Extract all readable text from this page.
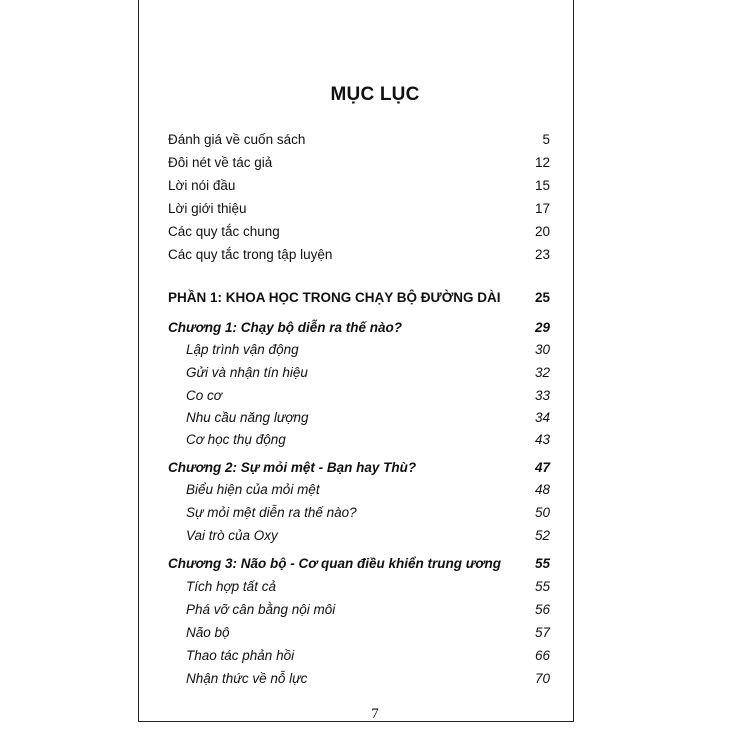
MỤC LỤC
Đánh giá về cuốn sách	5
Đôi nét về tác giả	12
Lời nói đầu	15
Lời giới thiệu	17
Các quy tắc chung	20
Các quy tắc trong tập luyện	23
PHẦN 1: KHOA HỌC TRONG CHẠY BỘ ĐƯỜNG DÀI	25
Chương 1: Chạy bộ diễn ra thế nào?	29
Lập trình vận động	30
Gửi và nhận tín hiệu	32
Co cơ	33
Nhu cầu năng lượng	34
Cơ học thụ động	43
Chương 2: Sự mỏi mệt - Bạn hay Thù?	47
Biểu hiện của mỏi mệt	48
Sự mỏi mệt diễn ra thế nào?	50
Vai trò của Oxy	52
Chương 3: Não bộ - Cơ quan điều khiển trung ương	55
Tích hợp tất cả	55
Phá vỡ cân bằng nội môi	56
Não bộ	57
Thao tác phản hồi	66
Nhận thức về nỗ lực	70
7
